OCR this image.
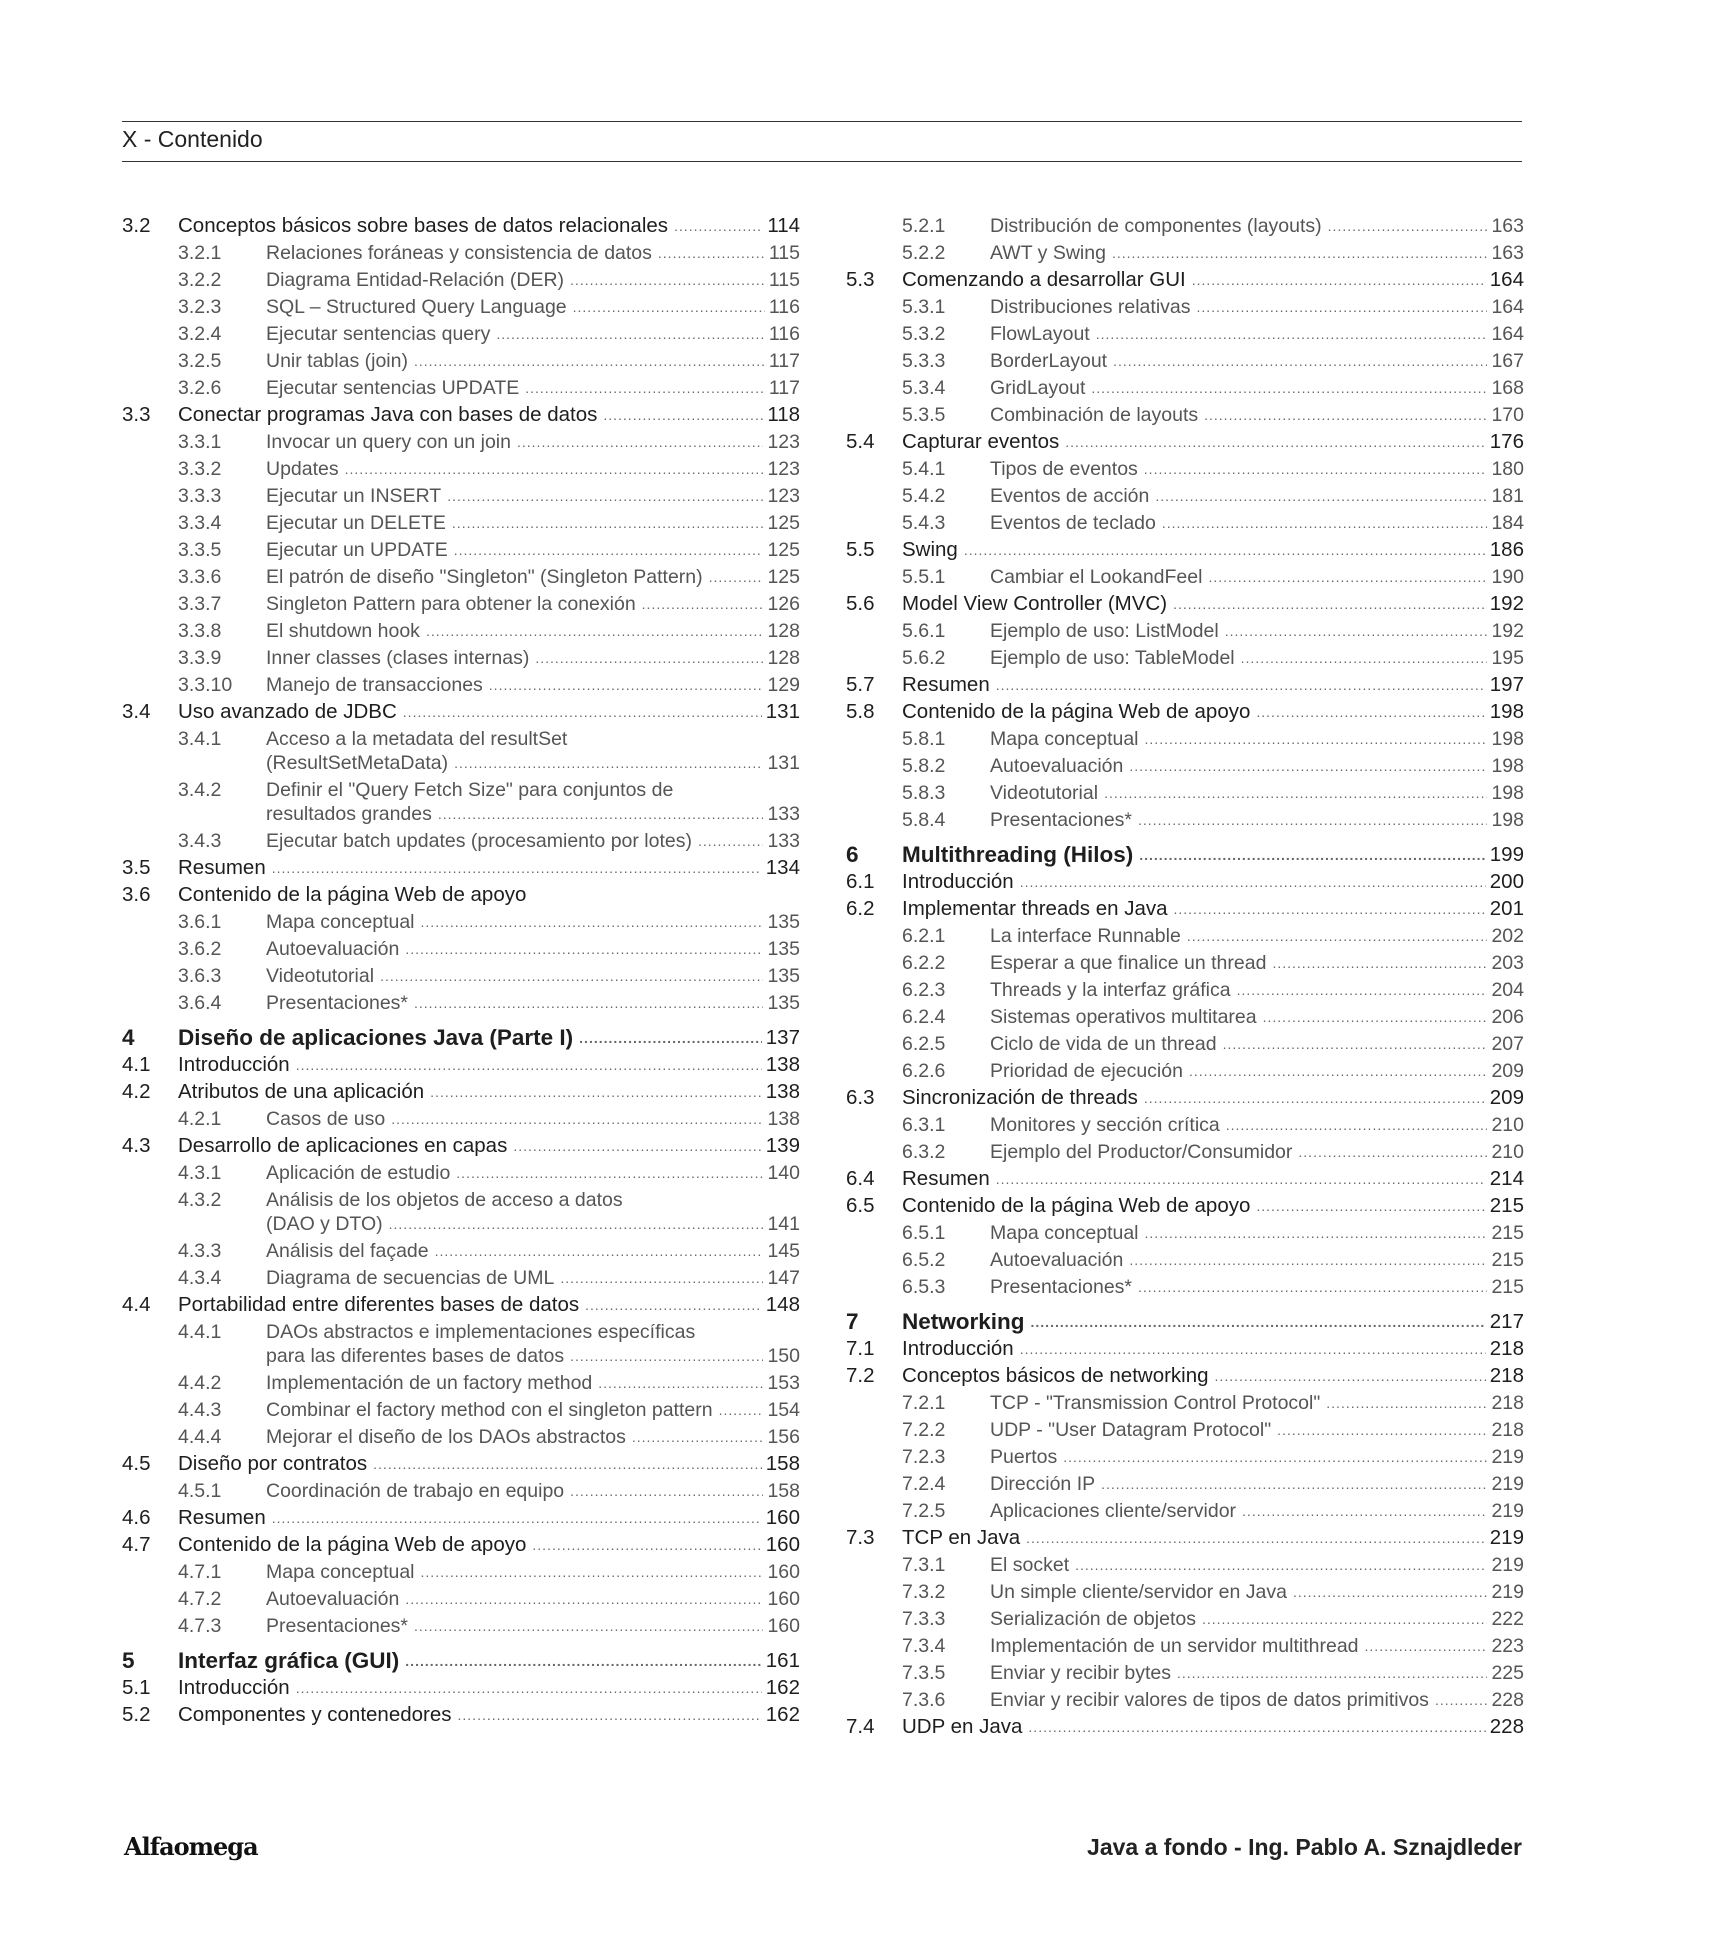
X - Contenido
3.2	Conceptos básicos sobre bases de datos relacionales .....	114
3.2.1	Relaciones foráneas y consistencia de datos .....	115
3.2.2	Diagrama Entidad-Relación (DER) .....	115
3.2.3	SQL – Structured Query Language .....	116
3.2.4	Ejecutar sentencias query .....	116
3.2.5	Unir tablas (join) .....	117
3.2.6	Ejecutar sentencias UPDATE .....	117
3.3	Conectar programas Java con bases de datos .....	118
3.3.1	Invocar un query con un join .....	123
3.3.2	Updates .....	123
3.3.3	Ejecutar un INSERT .....	123
3.3.4	Ejecutar un DELETE .....	125
3.3.5	Ejecutar un UPDATE .....	125
3.3.6	El patrón de diseño "Singleton" (Singleton Pattern) .....	125
3.3.7	Singleton Pattern para obtener la conexión .....	126
3.3.8	El shutdown hook .....	128
3.3.9	Inner classes (clases internas) .....	128
3.3.10	Manejo de transacciones .....	129
3.4	Uso avanzado de JDBC .....	131
3.4.1	Acceso a la metadata del resultSet
(ResultSetMetaData) .....	131
3.4.2	Definir el "Query Fetch Size" para conjuntos de
resultados grandes .....	133
3.4.3	Ejecutar batch updates (procesamiento por lotes) .....	133
3.5	Resumen .....	134
3.6	Contenido de la página Web de apoyo
3.6.1	Mapa conceptual .....	135
3.6.2	Autoevaluación .....	135
3.6.3	Videotutorial .....	135
3.6.4	Presentaciones* .....	135
4	Diseño de aplicaciones Java (Parte I) .....	137
4.1	Introducción .....	138
4.2	Atributos de una aplicación .....	138
4.2.1	Casos de uso .....	138
4.3	Desarrollo de aplicaciones en capas .....	139
4.3.1	Aplicación de estudio .....	140
4.3.2	Análisis de los objetos de acceso a datos
(DAO y DTO) .....	141
4.3.3	Análisis del façade .....	145
4.3.4	Diagrama de secuencias de UML .....	147
4.4	Portabilidad entre diferentes bases de datos .....	148
4.4.1	DAOs abstractos e implementaciones específicas
para las diferentes bases de datos .....	150
4.4.2	Implementación de un factory method .....	153
4.4.3	Combinar el factory method con el singleton pattern .....	154
4.4.4	Mejorar el diseño de los DAOs abstractos .....	156
4.5	Diseño por contratos .....	158
4.5.1	Coordinación de trabajo en equipo .....	158
4.6	Resumen .....	160
4.7	Contenido de la página Web de apoyo .....	160
4.7.1	Mapa conceptual .....	160
4.7.2	Autoevaluación .....	160
4.7.3	Presentaciones* .....	160
5	Interfaz gráfica (GUI) .....	161
5.1	Introducción .....	162
5.2	Componentes y contenedores .....	162
5.2.1	Distribución de componentes (layouts) .....	163
5.2.2	AWT y Swing .....	163
5.3	Comenzando a desarrollar GUI .....	164
5.3.1	Distribuciones relativas .....	164
5.3.2	FlowLayout .....	164
5.3.3	BorderLayout .....	167
5.3.4	GridLayout .....	168
5.3.5	Combinación de layouts .....	170
5.4	Capturar eventos .....	176
5.4.1	Tipos de eventos .....	180
5.4.2	Eventos de acción .....	181
5.4.3	Eventos de teclado .....	184
5.5	Swing .....	186
5.5.1	Cambiar el LookandFeel .....	190
5.6	Model View Controller (MVC) .....	192
5.6.1	Ejemplo de uso: ListModel .....	192
5.6.2	Ejemplo de uso: TableModel .....	195
5.7	Resumen .....	197
5.8	Contenido de la página Web de apoyo .....	198
5.8.1	Mapa conceptual .....	198
5.8.2	Autoevaluación .....	198
5.8.3	Videotutorial .....	198
5.8.4	Presentaciones* .....	198
6	Multithreading (Hilos) .....	199
6.1	Introducción .....	200
6.2	Implementar threads en Java .....	201
6.2.1	La interface Runnable .....	202
6.2.2	Esperar a que finalice un thread .....	203
6.2.3	Threads y la interfaz gráfica .....	204
6.2.4	Sistemas operativos multitarea .....	206
6.2.5	Ciclo de vida de un thread .....	207
6.2.6	Prioridad de ejecución .....	209
6.3	Sincronización de threads .....	209
6.3.1	Monitores y sección crítica .....	210
6.3.2	Ejemplo del Productor/Consumidor .....	210
6.4	Resumen .....	214
6.5	Contenido de la página Web de apoyo .....	215
6.5.1	Mapa conceptual .....	215
6.5.2	Autoevaluación .....	215
6.5.3	Presentaciones* .....	215
7	Networking .....	217
7.1	Introducción .....	218
7.2	Conceptos básicos de networking .....	218
7.2.1	TCP - "Transmission Control Protocol" .....	218
7.2.2	UDP - "User Datagram Protocol" .....	218
7.2.3	Puertos .....	219
7.2.4	Dirección IP .....	219
7.2.5	Aplicaciones cliente/servidor .....	219
7.3	TCP en Java .....	219
7.3.1	El socket .....	219
7.3.2	Un simple cliente/servidor en Java .....	219
7.3.3	Serialización de objetos .....	222
7.3.4	Implementación de un servidor multithread .....	223
7.3.5	Enviar y recibir bytes .....	225
7.3.6	Enviar y recibir valores de tipos de datos primitivos .....	228
7.4	UDP en Java .....	228
Alfaomega	Java a fondo - Ing. Pablo A. Sznajdleder
